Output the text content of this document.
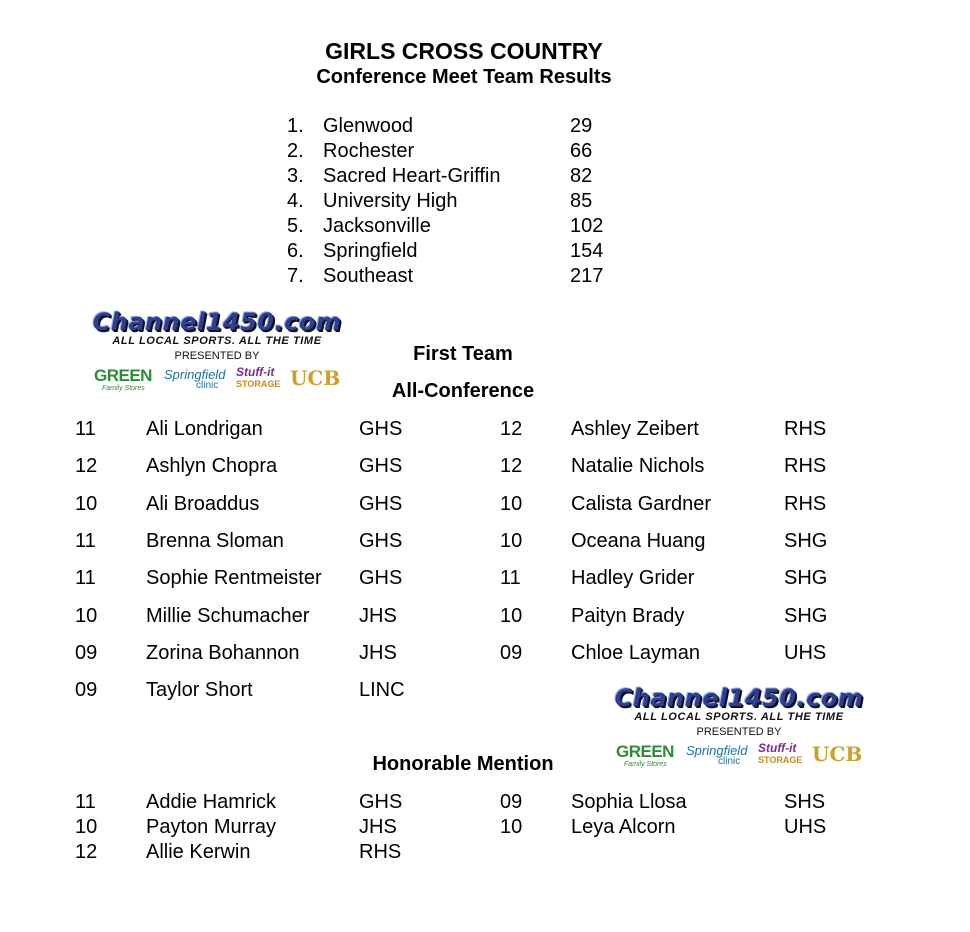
GIRLS CROSS COUNTRY
Conference Meet Team Results
1. Glenwood	29
2. Rochester	66
3. Sacred Heart-Griffin	82
4. University High	85
5. Jacksonville	102
6. Springfield	154
7. Southeast	217
Channel1450.com
ALL LOCAL SPORTS. ALL THE TIME
PRESENTED BY
GREEN
Family Stores
Springfield
clinic
Stuff-it
STORAGE UCB
First Team
All-Conference
11	Ali Londrigan	GHS
12 Ashlyn Chopra	GHS
10 Ali Broaddus	GHS
11	Brenna Sloman	GHS
11	Sophie Rentmeister GHS
10 Millie Schumacher JHS
09 Zorina Bohannon	JHS
09 Taylor Short	LINC
12 Ashley Zeibert	RHS
12 Natalie Nichols	RHS
10 Calista Gardner	RHS
10 Oceana Huang	SHG
11	Hadley Grider	SHG
10 Paityn Brady	SHG
09 Chloe Layman	UHS
Channel1450.com
ALL LOCAL SPORTS. ALL THE TIME
PRESENTED BY
GREEN
Family Stores
Springfield
clinic
Stuff-it
STORAGE UCB
Honorable Mention
11	Addie Hamrick	GHS
10 Payton Murray	JHS
12 Allie Kerwin	RHS
09 Sophia Llosa	SHS
10 Leya Alcorn	UHS
